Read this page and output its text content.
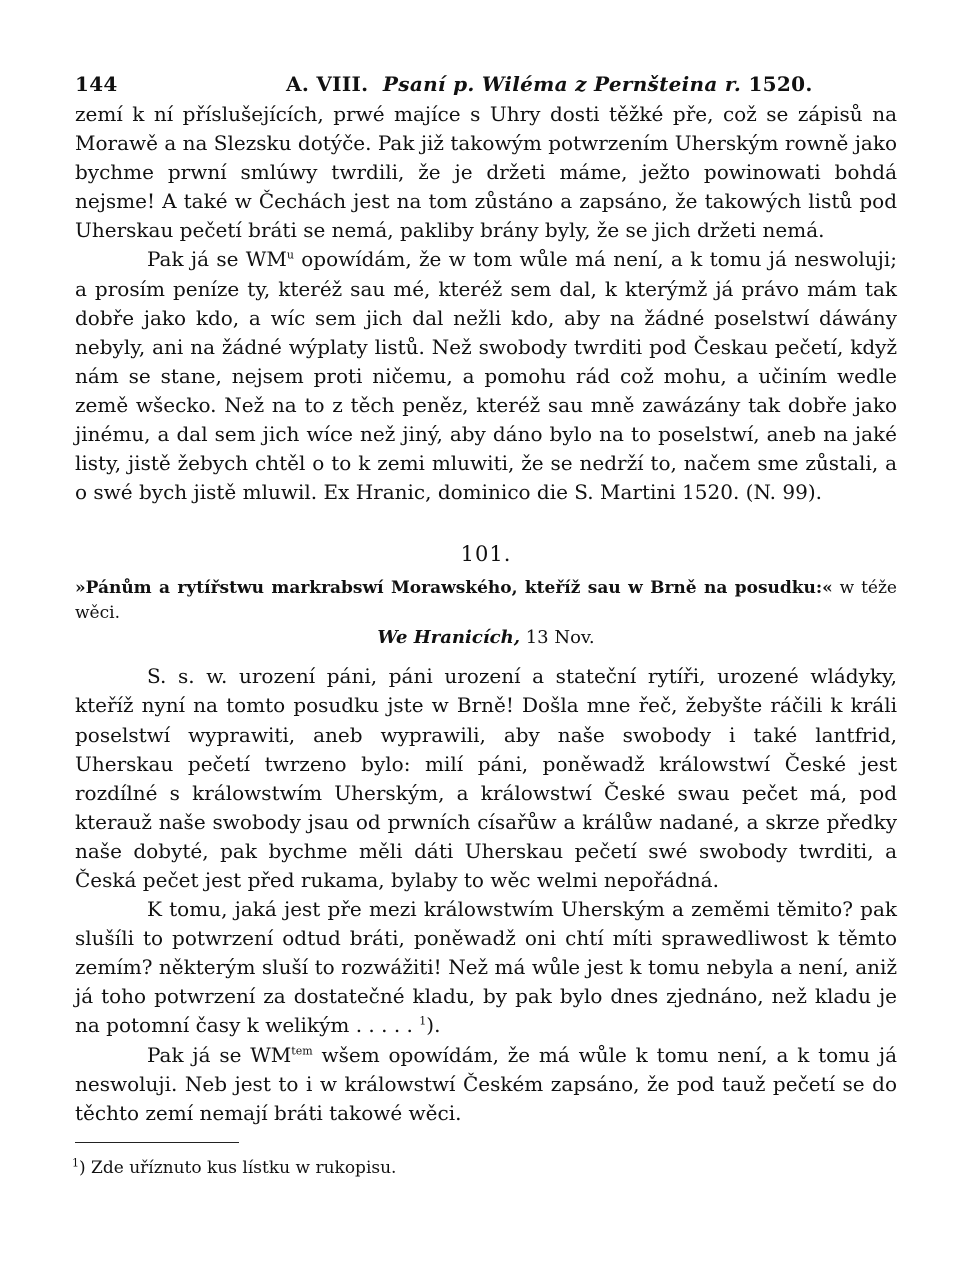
144	A. VIII. Psaní p. Wiléma z Pernšteina r. 1520.

zemí k ní příslušejících, prwé majíce s Uhry dosti těžké pře, což se zápisů na Morawě a na Slezsku dotýče. Pak již takowým potwrzením Uherským rowně jako bychme prwní smlúwy twrdili, že je držeti máme, ježto powinowati bohdá nejsme! A také w Čechách jest na tom zůstáno a zapsáno, že takowých listů pod Uherskau pečetí bráti se nemá, pakliby brány byly, že se jich držeti nemá.

Pak já se $WM^u$ opowídám, že w tom wůle má není, a k tomu já neswoluji; a prosím peníze ty, kteréž sau mé, kteréž sem dal, k kterýmž já právo mám tak dobře jako kdo, a wíc sem jich dal nežli kdo, aby na žádné poselstwí dáwány nebyly, ani na žádné wýplaty listů. Než swobody twrditi pod Českau pečetí, když nám se stane, nejsem proti ničemu, a pomohu rád což mohu, a učiním wedle země wšecko. Než na to z těch peněz, kteréž sau mně zawázány tak dobře jako jinému, a dal sem jich wíce než jiný, aby dáno bylo na to poselstwí, aneb na jaké listy, jistě žebych chtěl o to k zemi mluwiti, že se nedrží to, načem sme zůstali, a o swé bych jistě mluwil. Ex Hranic, dominico die S. Martini 1520. (N. 99).

101.
»Pánům a rytířstwu markrabswí Morawského, kteříž sau w Brně na posudku:« w téže wěci.
We Hranicích, 13 Nov.

S. s. w. urození páni, páni urození a stateční rytíři, urozené wládyky, kteříž nyní na tomto posudku jste w Brně! Došla mne řeč, žebyšte ráčili k králi poselstwí wyprawiti, aneb wyprawili, aby naše swobody i také lantfrid, Uherskau pečetí twrzeno bylo: milí páni, poněwadž králowstwí České jest rozdílné s králowstwím Uherským, a králowstwí České swau pečet má, pod kterauž naše swobody jsau od prwních císařůw a králůw nadané, a skrze předky naše dobyté, pak bychme měli dáti Uherskau pečetí swé swobody twrditi, a Česká pečet jest před rukama, bylaby to wěc welmi nepořádná.

K tomu, jaká jest pře mezi králowstwím Uherským a zeměmi těmito? pak slušíli to potwrzení odtud bráti, poněwadž oni chtí míti sprawedliwost k těmto zemím? některým sluší to rozwážiti! Než má wůle jest k tomu nebyla a není, aniž já toho potwrzení za dostatečné kladu, by pak bylo dnes zjednáno, než kladu je na potomní časy k welikým . . . . . $^1$).

Pak já se $WM^{tem}$ wšem opowídám, že má wůle k tomu není, a k tomu já neswoluji. Neb jest to i w králowstwí Českém zapsáno, že pod tauž pečetí se do těchto zemí nemají bráti takowé wěci.

$^1$) Zde uříznuto kus lístku w rukopisu.
